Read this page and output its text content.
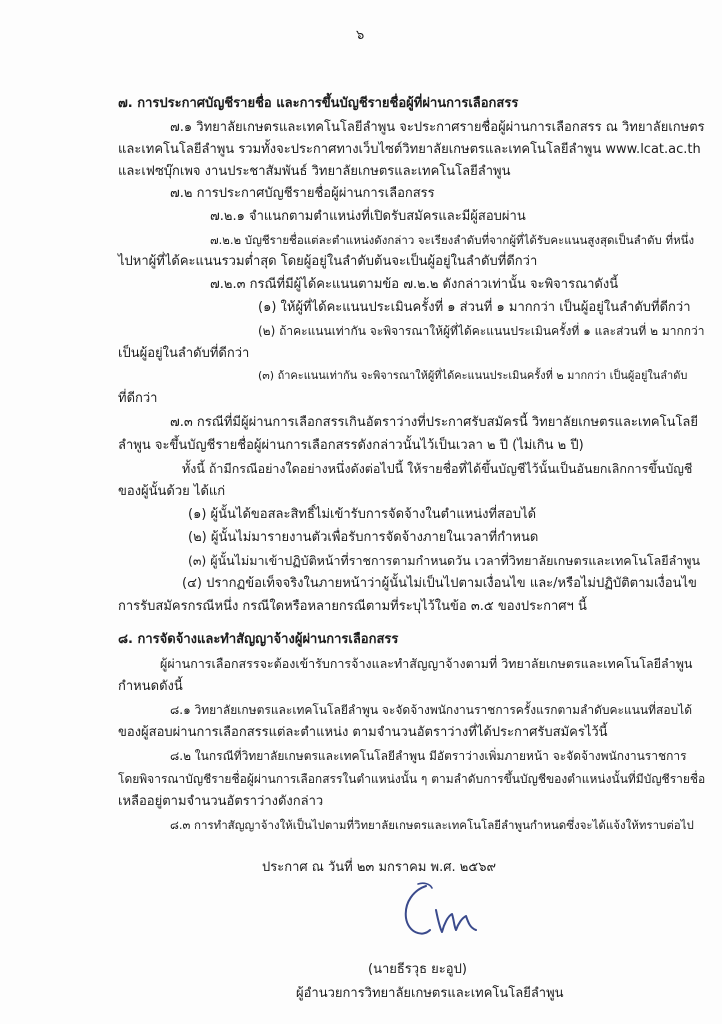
๖
๗. การประกาศบัญชีรายชื่อ และการขึ้นบัญชีรายชื่อผู้ที่ผ่านการเลือกสรร
๗.๑ วิทยาลัยเกษตรและเทคโนโลยีลำพูน จะประกาศรายชื่อผู้ผ่านการเลือกสรร ณ วิทยาลัยเกษตร
และเทคโนโลยีลำพูน รวมทั้งจะประกาศทางเว็บไซต์วิทยาลัยเกษตรและเทคโนโลยีลำพูน www.lcat.ac.th
และเฟซบุ๊กเพจ งานประชาสัมพันธ์ วิทยาลัยเกษตรและเทคโนโลยีลำพูน
๗.๒ การประกาศบัญชีรายชื่อผู้ผ่านการเลือกสรร
๗.๒.๑ จำแนกตามตำแหน่งที่เปิดรับสมัครและมีผู้สอบผ่าน
๗.๒.๒ บัญชีรายชื่อแต่ละตำแหน่งดังกล่าว จะเรียงลำดับที่จากผู้ที่ได้รับคะแนนสูงสุดเป็นลำดับ ที่หนึ่ง
ไปหาผู้ที่ได้คะแนนรวมต่ำสุด โดยผู้อยู่ในลำดับต้นจะเป็นผู้อยู่ในลำดับที่ดีกว่า
๗.๒.๓ กรณีที่มีผู้ได้คะแนนตามข้อ ๗.๒.๒ ดังกล่าวเท่านั้น จะพิจารณาดังนี้
(๑) ให้ผู้ที่ได้คะแนนประเมินครั้งที่ ๑ ส่วนที่ ๑ มากกว่า เป็นผู้อยู่ในลำดับที่ดีกว่า
(๒) ถ้าคะแนนเท่ากัน จะพิจารณาให้ผู้ที่ได้คะแนนประเมินครั้งที่ ๑ และส่วนที่ ๒ มากกว่า
เป็นผู้อยู่ในลำดับที่ดีกว่า
(๓) ถ้าคะแนนเท่ากัน จะพิจารณาให้ผู้ที่ได้คะแนนประเมินครั้งที่ ๒ มากกว่า เป็นผู้อยู่ในลำดับ
ที่ดีกว่า
๗.๓ กรณีที่มีผู้ผ่านการเลือกสรรเกินอัตราว่างที่ประกาศรับสมัครนี้ วิทยาลัยเกษตรและเทคโนโลยี
ลำพูน จะขึ้นบัญชีรายชื่อผู้ผ่านการเลือกสรรดังกล่าวนั้นไว้เป็นเวลา ๒ ปี (ไม่เกิน ๒ ปี)
ทั้งนี้ ถ้ามีกรณีอย่างใดอย่างหนึ่งดังต่อไปนี้ ให้รายชื่อที่ได้ขึ้นบัญชีไว้นั้นเป็นอันยกเลิกการขึ้นบัญชี
ของผู้นั้นด้วย ได้แก่
(๑) ผู้นั้นได้ขอสละสิทธิ์ไม่เข้ารับการจัดจ้างในตำแหน่งที่สอบได้
(๒) ผู้นั้นไม่มารายงานตัวเพื่อรับการจัดจ้างภายในเวลาที่กำหนด
(๓) ผู้นั้นไม่มาเข้าปฏิบัติหน้าที่ราชการตามกำหนดวัน เวลาที่วิทยาลัยเกษตรและเทคโนโลยีลำพูน
(๔) ปรากฏข้อเท็จจริงในภายหน้าว่าผู้นั้นไม่เป็นไปตามเงื่อนไข และ/หรือไม่ปฏิบัติตามเงื่อนไข
การรับสมัครกรณีหนึ่ง กรณีใดหรือหลายกรณีตามที่ระบุไว้ในข้อ ๓.๕ ของประกาศฯ นี้
๘. การจัดจ้างและทำสัญญาจ้างผู้ผ่านการเลือกสรร
ผู้ผ่านการเลือกสรรจะต้องเข้ารับการจ้างและทำสัญญาจ้างตามที่ วิทยาลัยเกษตรและเทคโนโลยีลำพูน
กำหนดดังนี้
๘.๑ วิทยาลัยเกษตรและเทคโนโลยีลำพูน จะจัดจ้างพนักงานราชการครั้งแรกตามลำดับคะแนนที่สอบได้
ของผู้สอบผ่านการเลือกสรรแต่ละตำแหน่ง ตามจำนวนอัตราว่างที่ได้ประกาศรับสมัครไว้นี้
๘.๒ ในกรณีที่วิทยาลัยเกษตรและเทคโนโลยีลำพูน มีอัตราว่างเพิ่มภายหน้า จะจัดจ้างพนักงานราชการ
โดยพิจารณาบัญชีรายชื่อผู้ผ่านการเลือกสรรในตำแหน่งนั้น ๆ ตามลำดับการขึ้นบัญชีของตำแหน่งนั้นที่มีบัญชีรายชื่อ
เหลืออยู่ตามจำนวนอัตราว่างดังกล่าว
๘.๓ การทำสัญญาจ้างให้เป็นไปตามที่วิทยาลัยเกษตรและเทคโนโลยีลำพูนกำหนดซึ่งจะได้แจ้งให้ทราบต่อไป
ประกาศ ณ วันที่ ๒๓ มกราคม พ.ศ. ๒๕๖๙
(นายธีรวุธ ยะอูป)
ผู้อำนวยการวิทยาลัยเกษตรและเทคโนโลยีลำพูน
